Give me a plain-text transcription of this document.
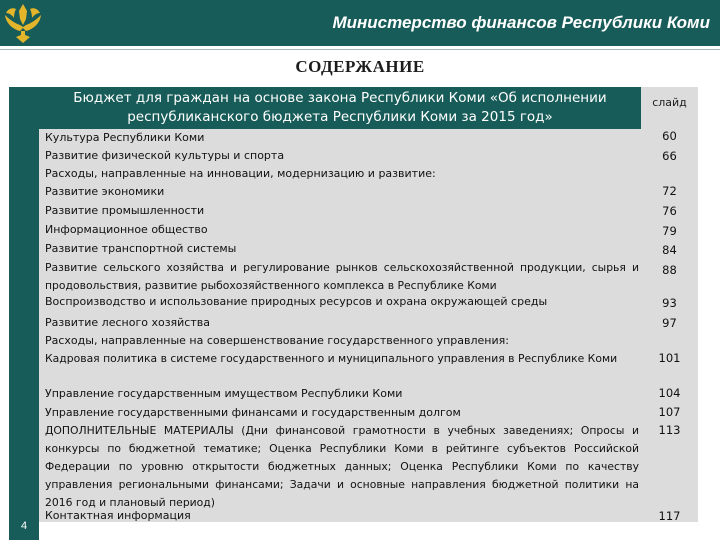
Министерство финансов Республики Коми
СОДЕРЖАНИЕ
4
Бюджет для граждан на основе закона Республики Коми «Об исполнении республиканского бюджета Республики Коми за 2015 год»
слайд
Культура Республики Коми
Развитие физической культуры и спорта
Расходы, направленные на инновации, модернизацию и развитие:
Развитие экономики
Развитие промышленности
Информационное общество
Развитие транспортной системы
Развитие сельского хозяйства и регулирование рынков сельскохозяйственной продукции, сырья и продовольствия, развитие рыбохозяйственного комплекса в Республике Коми
Воспроизводство и использование природных ресурсов и охрана окружающей среды
Развитие лесного хозяйства
Расходы, направленные на совершенствование государственного управления:
Кадровая политика в системе государственного и муниципального управления в Республике Коми
Управление государственным имуществом Республики Коми
Управление государственными финансами и государственным долгом
ДОПОЛНИТЕЛЬНЫЕ МАТЕРИАЛЫ (Дни финансовой грамотности в учебных заведениях; Опросы и конкурсы по бюджетной тематике; Оценка Республики Коми в рейтинге субъектов Российской Федерации по уровню открытости бюджетных данных; Оценка Республики Коми по качеству управления региональными финансами; Задачи и основные направления бюджетной политики на 2016 год и плановый период)
Контактная информация
60
66
72
76
79
84
88
93
97
101
104
107
113
117
